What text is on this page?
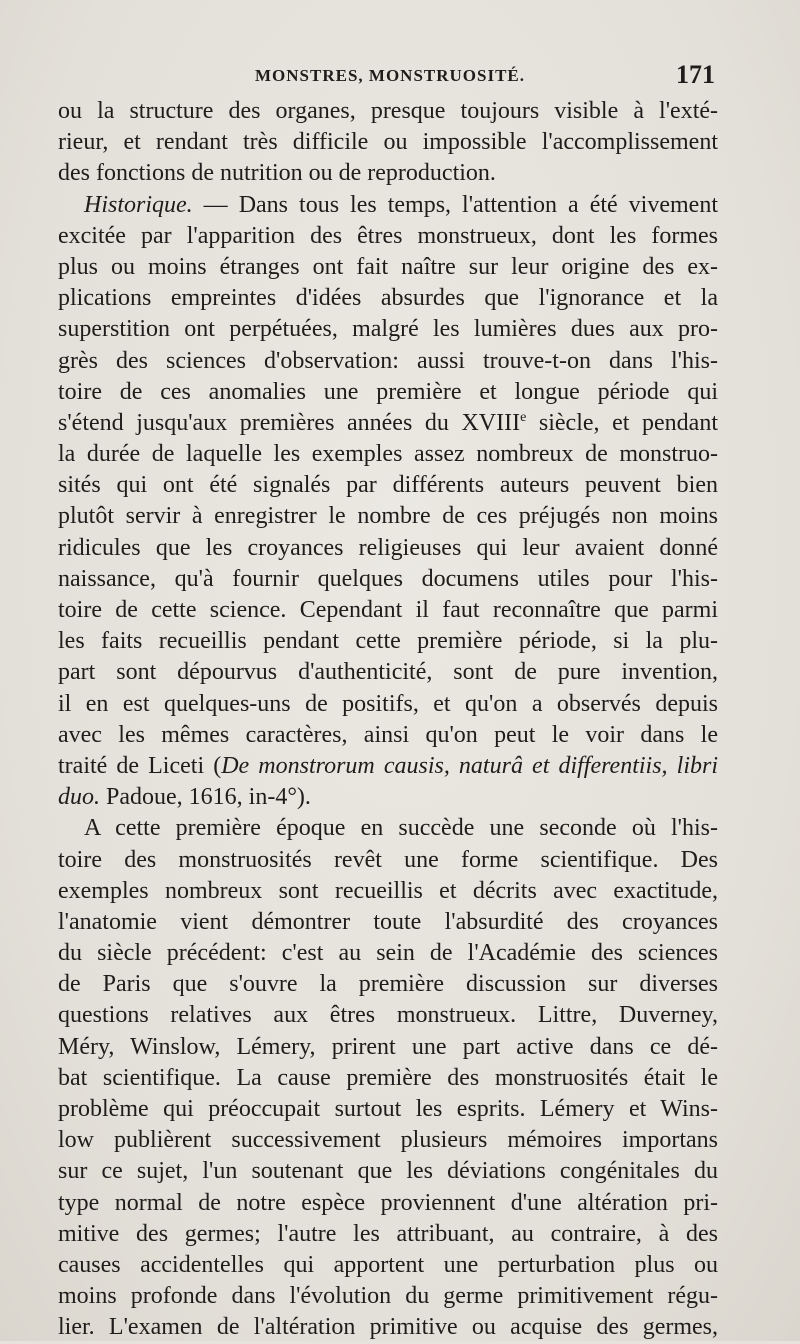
MONSTRES, MONSTRUOSITÉ.	171
ou la structure des organes, presque toujours visible à l'exté-
rieur, et rendant très difficile ou impossible l'accomplissement
des fonctions de nutrition ou de reproduction.
Historique. — Dans tous les temps, l'attention a été vivement
excitée par l'apparition des êtres monstrueux, dont les formes
plus ou moins étranges ont fait naître sur leur origine des ex-
plications empreintes d'idées absurdes que l'ignorance et la
superstition ont perpétuées, malgré les lumières dues aux pro-
grès des sciences d'observation: aussi trouve-t-on dans l'his-
toire de ces anomalies une première et longue période qui
s'étend jusqu'aux premières années du XVIIIe siècle, et pendant
la durée de laquelle les exemples assez nombreux de monstruo-
sités qui ont été signalés par différents auteurs peuvent bien
plutôt servir à enregistrer le nombre de ces préjugés non moins
ridicules que les croyances religieuses qui leur avaient donné
naissance, qu'à fournir quelques documens utiles pour l'his-
toire de cette science. Cependant il faut reconnaître que parmi
les faits recueillis pendant cette première période, si la plu-
part sont dépourvus d'authenticité, sont de pure invention,
il en est quelques-uns de positifs, et qu'on a observés depuis
avec les mêmes caractères, ainsi qu'on peut le voir dans le
traité de Liceti (De monstrorum causis, naturâ et differentiis, libri
duo. Padoue, 1616, in-4°).
A cette première époque en succède une seconde où l'his-
toire des monstruosités revêt une forme scientifique. Des
exemples nombreux sont recueillis et décrits avec exactitude,
l'anatomie vient démontrer toute l'absurdité des croyances
du siècle précédent: c'est au sein de l'Académie des sciences
de Paris que s'ouvre la première discussion sur diverses
questions relatives aux êtres monstrueux. Littre, Duverney,
Méry, Winslow, Lémery, prirent une part active dans ce dé-
bat scientifique. La cause première des monstruosités était le
problème qui préoccupait surtout les esprits. Lémery et Wins-
low publièrent successivement plusieurs mémoires importans
sur ce sujet, l'un soutenant que les déviations congénitales du
type normal de notre espèce proviennent d'une altération pri-
mitive des germes; l'autre les attribuant, au contraire, à des
causes accidentelles qui apportent une perturbation plus ou
moins profonde dans l'évolution du germe primitivement régu-
lier. L'examen de l'altération primitive ou acquise des germes,
